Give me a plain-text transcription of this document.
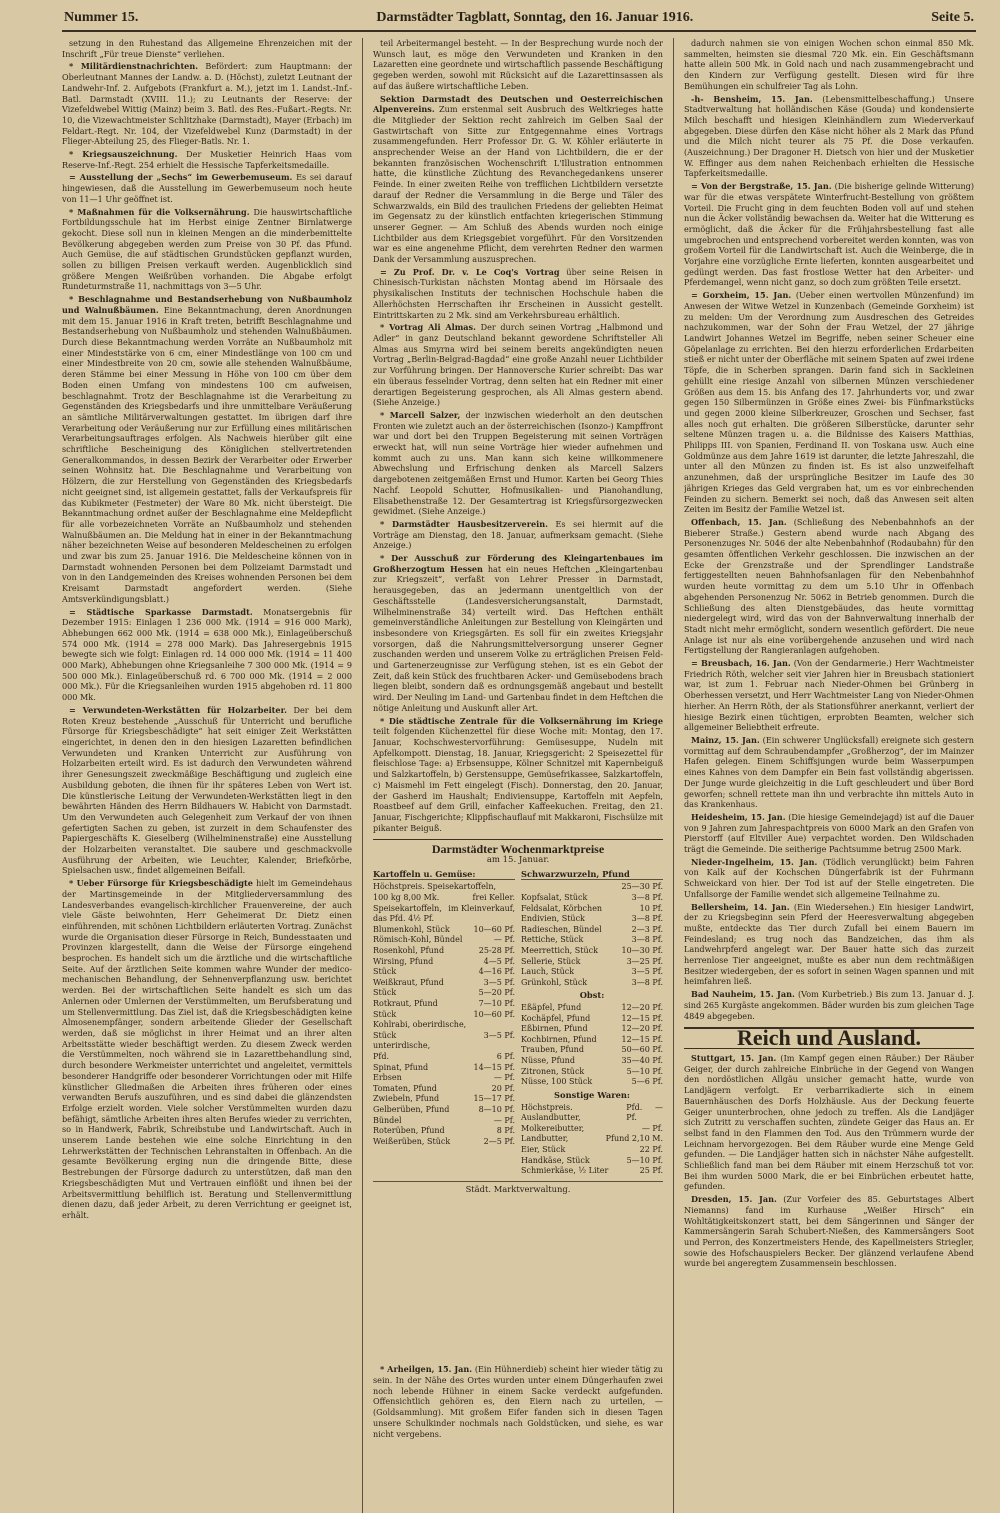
Nummer 15.	Darmstädter Tagblatt, Sonntag, den 16. Januar 1916.	Seite 5.

setzung in den Ruhestand das Allgemeine Ehrenzeichen mit der Inschrift „Für treue Dienste“ verliehen.

* Militärdienstnachrichten. Befördert: zum Hauptmann: der Oberleutnant Mannes der Landw. a. D. (Höchst), zuletzt Leutnant der Landwehr-Inf. 2. Aufgebots (Frankfurt a. M.), jetzt im 1. Landst.-Inf.-Batl. Darmstadt (XVIII. 11.); zu Leutnants der Reserve: der Vizefeldwebel Wittig (Mainz) beim 3. Batl. des Res.-Fußart.-Regts. Nr. 10, die Vizewachtmeister Schlitzhake (Darmstadt), Mayer (Erbach) im Feldart.-Regt. Nr. 104, der Vizefeldwebel Kunz (Darmstadt) in der Flieger-Abteilung 25, des Flieger-Batls. Nr. 1.

* Kriegsauszeichnung. Der Musketier Heinrich Haas vom Reserve-Inf.-Regt. 254 erhielt die Hessische Tapferkeitsmedaille.

= Ausstellung der „Sechs“ im Gewerbemuseum. Es sei darauf hingewiesen, daß die Ausstellung im Gewerbemuseum noch heute von 11—1 Uhr geöffnet ist.

* Maßnahmen für die Volksernährung. Die hauswirtschaftliche Fortbildungsschule hat im Herbst einige Zentner Birnlatwerge gekocht. Diese soll nun in kleinen Mengen an die minderbemittelte Bevölkerung abgegeben werden zum Preise von 30 Pf. das Pfund. Auch Gemüse, die auf städtischen Grundstücken gepflanzt wurden, sollen zu billigen Preisen verkauft werden. Augenblicklich sind größere Mengen Weißrüben vorhanden. Die Abgabe erfolgt Rundeturmstraße 11, nachmittags von 3—5 Uhr.

* Beschlagnahme und Bestandserhebung von Nußbaumholz und Walnußbäumen. Eine Bekanntmachung, deren Anordnungen mit dem 15. Januar 1916 in Kraft treten, betrifft Beschlagnahme und Bestandserhebung von Nußbaumholz und stehenden Walnußbäumen. Durch diese Bekanntmachung werden Vorräte an Nußbaumholz mit einer Mindeststärke von 6 cm, einer Mindestlänge von 100 cm und einer Mindestbreite von 20 cm, sowie alle stehenden Walnußbäume, deren Stämme bei einer Messung in Höhe von 100 cm über dem Boden einen Umfang von mindestens 100 cm aufweisen, beschlagnahmt. Trotz der Beschlagnahme ist die Verarbeitung zu Gegenständen des Kriegsbedarfs und ihre unmittelbare Veräußerung an sämtliche Militärverwaltungen gestattet. Im übrigen darf ihre Verarbeitung oder Veräußerung nur zur Erfüllung eines militärischen Verarbeitungsauftrages erfolgen. Als Nachweis hierüber gilt eine schriftliche Bescheinigung des Königlichen stellvertretenden Generalkommandos, in dessen Bezirk der Verarbeiter oder Erwerber seinen Wohnsitz hat. Die Beschlagnahme und Verarbeitung von Hölzern, die zur Herstellung von Gegenständen des Kriegsbedarfs nicht geeignet sind, ist allgemein gestattet, falls der Verkaufspreis für das Kubikmeter (Festmeter) der Ware 80 Mk. nicht übersteigt. Die Bekanntmachung ordnet außer der Beschlagnahme eine Meldepflicht für alle vorbezeichneten Vorräte an Nußbaumholz und stehenden Walnußbäumen an. Die Meldung hat in einer in der Bekanntmachung näher bezeichneten Weise auf besonderen Meldescheinen zu erfolgen und zwar bis zum 25. Januar 1916. Die Meldescheine können von in Darmstadt wohnenden Personen bei dem Polizeiamt Darmstadt und von in den Landgemeinden des Kreises wohnenden Personen bei dem Kreisamt Darmstadt angefordert werden. (Siehe Amtsverkündigungsblatt.)

= Städtische Sparkasse Darmstadt. Monatsergebnis für Dezember 1915: Einlagen 1 236 000 Mk. (1914 = 916 000 Mark), Abhebungen 662 000 Mk. (1914 = 638 000 Mk.), Einlageüberschuß 574 000 Mk. (1914 = 278 000 Mark). Das Jahresergebnis 1915 bewegte sich wie folgt: Einlagen rd. 14 000 000 Mk. (1914 = 11 400 000 Mark), Abhebungen ohne Kriegsanleihe 7 300 000 Mk. (1914 = 9 500 000 Mk.). Einlageüberschuß rd. 6 700 000 Mk. (1914 = 2 000 000 Mk.). Für die Kriegsanleihen wurden 1915 abgehoben rd. 11 800 000 Mk.

= Verwundeten-Werkstätten für Holzarbeiter. Der bei dem Roten Kreuz bestehende „Ausschuß für Unterricht und berufliche Fürsorge für Kriegsbeschädigte“ hat seit einiger Zeit Werkstätten eingerichtet, in denen den in den hiesigen Lazaretten befindlichen Verwundeten und Kranken Unterricht zur Ausführung von Holzarbeiten erteilt wird. Es ist dadurch den Verwundeten während ihrer Genesungszeit zweckmäßige Beschäftigung und zugleich eine Ausbildung geboten, die ihnen für ihr späteres Leben von Wert ist. Die künstlerische Leitung der Verwundeten-Werkstätten liegt in den bewährten Händen des Herrn Bildhauers W. Habicht von Darmstadt. Um den Verwundeten auch Gelegenheit zum Verkauf der von ihnen gefertigten Sachen zu geben, ist zurzeit in dem Schaufenster des Papiergeschäfts K. Gieselberg (Wilhelminenstraße) eine Ausstellung der Holzarbeiten veranstaltet. Die saubere und geschmackvolle Ausführung der Arbeiten, wie Leuchter, Kalender, Briefkörbe, Spielsachen usw., findet allgemeinen Beifall.

* Ueber Fürsorge für Kriegsbeschädigte hielt im Gemeindehaus der Martinsgemeinde in der Mitgliederversammlung des Landesverbandes evangelisch-kirchlicher Frauenvereine, der auch viele Gäste beiwohnten, Herr Geheimerat Dr. Dietz einen einführenden, mit schönen Lichtbildern erläuterten Vortrag. Zunächst wurde die Organisation dieser Fürsorge in Reich, Bundesstaaten und Provinzen klargestellt, dann die Weise der Fürsorge eingehend besprochen. Es handelt sich um die ärztliche und die wirtschaftliche Seite. Auf der ärztlichen Seite kommen wahre Wunder der medico-mechanischen Behandlung, der Sehnenverpflanzung usw. berichtet werden. Bei der wirtschaftlichen Seite handelt es sich um das Anlernen oder Umlernen der Verstümmelten, um Berufsberatung und um Stellenvermittlung. Das Ziel ist, daß die Kriegsbeschädigten keine Almosenempfänger, sondern arbeitende Glieder der Gesellschaft werden, daß sie möglichst in ihrer Heimat und an ihrer alten Arbeitsstätte wieder beschäftigt werden. Zu diesem Zweck werden die Verstümmelten, noch während sie in Lazarettbehandlung sind, durch besondere Werkmeister unterrichtet und angeleitet, vermittels besonderer Handgriffe oder besonderer Vorrichtungen oder mit Hilfe künstlicher Gliedmaßen die Arbeiten ihres früheren oder eines verwandten Berufs auszuführen, und es sind dabei die glänzendsten Erfolge erzielt worden. Viele solcher Verstümmelten wurden dazu befähigt, sämtliche Arbeiten ihres alten Berufes wieder zu verrichten, so in Handwerk, Fabrik, Schreibstube und Landwirtschaft. Auch in unserem Lande bestehen wie eine solche Einrichtung in den Lehrwerkstätten der Technischen Lehranstalten in Offenbach. An die gesamte Bevölkerung erging nun die dringende Bitte, diese Bestrebungen der Fürsorge dadurch zu unterstützen, daß man den Kriegsbeschädigten Mut und Vertrauen einflößt und ihnen bei der Arbeitsvermittlung behilflich ist. Beratung und Stellenvermittlung dienen dazu, daß jeder Arbeit, zu deren Verrichtung er geeignet ist, erhält.

teil Arbeitermangel besteht. — In der Besprechung wurde noch der Wunsch laut, es möge den Verwundeten und Kranken in den Lazaretten eine geordnete und wirtschaftlich passende Beschäftigung gegeben werden, sowohl mit Rücksicht auf die Lazarettinsassen als auf das äußere wirtschaftliche Leben.

Sektion Darmstadt des Deutschen und Oesterreichischen Alpenvereins. Zum erstenmal seit Ausbruch des Weltkrieges hatte die Mitglieder der Sektion recht zahlreich im Gelben Saal der Gastwirtschaft von Sitte zur Entgegennahme eines Vortrags zusammengefunden. Herr Professor Dr. G. W. Köhler erläuterte in ansprechender Weise an der Hand von Lichtbildern, die er der bekannten französischen Wochenschrift L'Illustration entnommen hatte, die künstliche Züchtung des Revanchegedankens unserer Feinde. In einer zweiten Reihe von trefflichen Lichtbildern versetzte darauf der Redner die Versammlung in die Berge und Täler des Schwarzwalds, ein Bild des traulichen Friedens der geliebten Heimat im Gegensatz zu der künstlich entfachten kriegerischen Stimmung unserer Gegner. — Am Schluß des Abends wurden noch einige Lichtbilder aus dem Kriegsgebiet vorgeführt. Für den Vorsitzenden war es eine angenehme Pflicht, dem verehrten Redner den warmen Dank der Versammlung auszusprechen.

= Zu Prof. Dr. v. Le Coq's Vortrag über seine Reisen in Chinesisch-Turkistan nächsten Montag abend im Hörsaale des physikalischen Instituts der technischen Hochschule haben die Allerhöchsten Herrschaften ihr Erscheinen in Aussicht gestellt. Eintrittskarten zu 2 Mk. sind am Verkehrsbureau erhältlich.

* Vortrag Ali Almas. Der durch seinen Vortrag „Halbmond und Adler“ in ganz Deutschland bekannt gewordene Schriftsteller Ali Almas aus Smyrna wird bei seinem bereits angekündigten neuen Vortrag „Berlin-Belgrad-Bagdad“ eine große Anzahl neuer Lichtbilder zur Vorführung bringen. Der Hannoversche Kurier schreibt: Das war ein überaus fesselnder Vortrag, denn selten hat ein Redner mit einer derartigen Begeisterung gesprochen, als Ali Almas gestern abend. (Siehe Anzeige.)

* Marcell Salzer, der inzwischen wiederholt an den deutschen Fronten wie zuletzt auch an der österreichischen (Isonzo-) Kampffront war und dort bei den Truppen Begeisterung mit seinen Vorträgen erweckt hat, will nun seine Vorträge hier wieder aufnehmen und kommt auch zu uns. Man kann sich keine willkommenere Abwechslung und Erfrischung denken als Marcell Salzers dargebotenen zeitgemäßen Ernst und Humor. Karten bei Georg Thies Nachf. Leopold Schutter, Hofmusikalien- und Pianohandlung, Elisabethenstraße 12. Der Gesamtertrag ist Kriegsfürsorgezwecken gewidmet. (Siehe Anzeige.)

* Darmstädter Hausbesitzerverein. Es sei hiermit auf die Vorträge am Dienstag, den 18. Januar, aufmerksam gemacht. (Siehe Anzeige.)

* Der Ausschuß zur Förderung des Kleingartenbaues im Großherzogtum Hessen hat ein neues Heftchen „Kleingartenbau zur Kriegszeit“, verfaßt von Lehrer Presser in Darmstadt, herausgegeben, das an jedermann unentgeltlich von der Geschäftsstelle (Landesversicherungsanstalt, Darmstadt, Wilhelminenstraße 34) verteilt wird. Das Heftchen enthält gemeinverständliche Anleitungen zur Bestellung von Kleingärten und insbesondere von Kriegsgärten. Es soll für ein zweites Kriegsjahr vorsorgen, daß die Nahrungsmittelversorgung unserer Gegner zuschanden werden und unserem Volke zu erträglichen Preisen Feld- und Gartenerzeugnisse zur Verfügung stehen, ist es ein Gebot der Zeit, daß kein Stück des fruchtbaren Acker- und Gemüsebodens brach liegen bleibt, sondern daß es ordnungsgemäß angebaut und bestellt wird. Der Neuling im Land- und Gartenbau findet in dem Heftchen die nötige Anleitung und Auskunft aller Art.

* Die städtische Zentrale für die Volksernährung im Kriege teilt folgenden Küchenzettel für diese Woche mit: Montag, den 17. Januar, Kochschwestervorführung: Gemüsesuppe, Nudeln mit Apfelkompott. Dienstag, 18. Januar, Kriegsgericht: 2 Speisezettel für fleischlose Tage: a) Erbsensuppe, Kölner Schnitzel mit Kapernbeiguß und Salzkartoffeln, b) Gerstensuppe, Gemüsefrikassee, Salzkartoffeln, c) Maismehl im Fett eingelegt (Fisch). Donnerstag, den 20. Januar, der Gasherd im Haushalt; Endiviensuppe, Kartoffeln mit Aepfeln, Roastbeef auf dem Grill, einfacher Kaffeekuchen. Freitag, den 21. Januar, Fischgerichte; Klippfischauflauf mit Makkaroni, Fischsülze mit pikanter Beiguß.

Darmstädter Wochenmarktpreise
am 15. Januar.
Kartoffeln u. Gemüse:
Höchstpreis. Speisekartoffeln,
100 kg 8,00 Mk.	frei Keller.
Speisekartoffeln, im Kleinverkauf,
das Pfd. 4½ Pf.
Blumenkohl, Stück	10—60 Pf.
Römisch-Kohl, Bündel	— Pf.
Rosenkohl, Pfund	25-28 Pf.
Wirsing, Pfund	4—5 Pf.
Stück	4—16 Pf.
Weißkraut, Pfund	3—5 Pf.
Stück	5—20 Pf.
Rotkraut, Pfund	7—10 Pf.
Stück	10—60 Pf.
Kohlrabi, oberirdische,
Stück	3—5 Pf.
unterirdische,
Pfd.	6 Pf.
Spinat, Pfund	14—15 Pf.
Erbsen	— Pf.
Tomaten, Pfund	20 Pf.
Zwiebeln, Pfund	15—17 Pf.
Gelberüben, Pfund	8—10 Pf.
Bündel	— Pf.
Roterüben, Pfund	8 Pf.
Weißerüben, Stück	2—5 Pf.
Schwarzwurzeln, Pfund
25—30 Pf.
Kopfsalat, Stück	3—8 Pf.
Feldsalat, Körbchen	10 Pf.
Endivien, Stück	3—8 Pf.
Radieschen, Bündel	2—3 Pf.
Rettiche, Stück	3—8 Pf.
Meerrettich, Stück	10—30 Pf.
Sellerie, Stück	3—25 Pf.
Lauch, Stück	3—5 Pf.
Grünkohl, Stück	3—8 Pf.
Obst:
Eßäpfel, Pfund	12—20 Pf.
Kochäpfel, Pfund	12—15 Pf.
Eßbirnen, Pfund	12—20 Pf.
Kochbirnen, Pfund	12—15 Pf.
Trauben, Pfund	50—60 Pf.
Nüsse, Pfund	35—40 Pf.
Zitronen, Stück	5—10 Pf.
Nüsse, 100 Stück	5—6 Pf.
Sonstige Waren:
Höchstpreis. Auslandbutter,
Pfd. — Pf.
Molkereibutter,	— Pf.
Landbutter,	Pfund 2,10 M.
Eier, Stück	22 Pf.
Handkäse, Stück	5—10 Pf.
Schmierkäse, ½ Liter	25 Pf.
Städt. Marktverwaltung.

* Arheilgen, 15. Jan. (Ein Hühnerdieb) scheint hier wieder tätig zu sein. In der Nähe des Ortes wurden unter einem Düngerhaufen zwei noch lebende Hühner in einem Sacke verdeckt aufgefunden. Offensichtlich gehören es, den Eiern nach zu urteilen, — (Goldsammlung). Mit großem Eifer fanden sich in diesen Tagen unsere Schulkinder nochmals nach Goldstücken, und siehe, es war nicht vergebens.

dadurch nahmen sie von einigen Wochen schon einmal 850 Mk. sammelten, heimsten sie diesmal 720 Mk. ein. Ein Geschäftsmann hatte allein 500 Mk. in Gold nach und nach zusammengebracht und den Kindern zur Verfügung gestellt. Diesen wird für ihre Bemühungen ein schulfreier Tag als Lohn.

-h- Bensheim, 15. Jan. (Lebensmittelbeschaffung.) Unsere Stadtverwaltung hat holländischen Käse (Gouda) und kondensierte Milch beschafft und hiesigen Kleinhändlern zum Wiederverkauf abgegeben. Diese dürfen den Käse nicht höher als 2 Mark das Pfund und die Milch nicht teurer als 75 Pf. die Dose verkaufen. (Auszeichnung.) Der Dragoner H. Dietsch von hier und der Musketier W. Effinger aus dem nahen Reichenbach erhielten die Hessische Tapferkeitsmedaille.

= Von der Bergstraße, 15. Jan. (Die bisherige gelinde Witterung) war für die etwas verspätete Winterfrucht-Bestellung von größtem Vorteil. Die Frucht ging in dem feuchten Boden voll auf und stehen nun die Äcker vollständig bewachsen da. Weiter hat die Witterung es ermöglicht, daß die Äcker für die Frühjahrsbestellung fast alle umgebrochen und entsprechend vorbereitet werden konnten, was von großem Vorteil für die Landwirtschaft ist. Auch die Weinberge, die in Vorjahre eine vorzügliche Ernte lieferten, konnten ausgearbeitet und gedüngt werden. Das fast frostlose Wetter hat den Arbeiter- und Pferdemangel, wenn nicht ganz, so doch zum größten Teile ersetzt.

= Gorxheim, 15. Jan. (Ueber einen wertvollen Münzenfund) im Anwesen der Witwe Wetzel in Kunzenbach (Gemeinde Gorxheim) ist zu melden: Um der Verordnung zum Ausdreschen des Getreides nachzukommen, war der Sohn der Frau Wetzel, der 27 jährige Landwirt Johannes Wetzel im Begriffe, neben seiner Scheuer eine Göpelanlage zu errichten. Bei den hierzu erforderlichen Erdarbeiten stieß er nicht unter der Oberfläche mit seinem Spaten auf zwei irdene Töpfe, die in Scherben sprangen. Darin fand sich in Sackleinen gehüllt eine riesige Anzahl von silbernen Münzen verschiedener Größen aus dem 15. bis Anfang des 17. Jahrhunderts vor, und zwar gegen 150 Silbermünzen in Größe eines Zwei- bis Fünfmarkstücks und gegen 2000 kleine Silberkreuzer, Groschen und Sechser, fast alles noch gut erhalten. Die größeren Silberstücke, darunter sehr seltene Münzen tragen u. a. die Bildnisse des Kaisers Matthias, Philipps III. von Spanien, Ferdinand II. von Toskana usw. Auch eine Goldmünze aus dem Jahre 1619 ist darunter, die letzte Jahreszahl, die unter all den Münzen zu finden ist. Es ist also unzweifelhaft anzunehmen, daß der ursprüngliche Besitzer im Laufe des 30 jährigen Krieges das Geld vergraben hat, um es vor einbrechenden Feinden zu sichern. Bemerkt sei noch, daß das Anwesen seit alten Zeiten im Besitz der Familie Wetzel ist.

Offenbach, 15. Jan. (Schließung des Nebenbahnhofs an der Bieberer Straße.) Gestern abend wurde nach Abgang des Personenzuges Nr. 5046 der alte Nebenbahnhof (Rodaubahn) für den gesamten öffentlichen Verkehr geschlossen. Die inzwischen an der Ecke der Grenzstraße und der Sprendlinger Landstraße fertiggestellten neuen Bahnhofsanlagen für den Nebenbahnhof wurden heute vormittag zu dem um 5.10 Uhr in Offenbach abgehenden Personenzug Nr. 5062 in Betrieb genommen. Durch die Schließung des alten Dienstgebäudes, das heute vormittag niedergelegt wird, wird das von der Bahnverwaltung innerhalb der Stadt nicht mehr ermöglicht, sondern wesentlich gefördert. Die neue Anlage ist nur als eine vorübergehende anzusehen und wird nach Fertigstellung der Rangieranlagen aufgehoben.

= Breusbach, 16. Jan. (Von der Gendarmerie.) Herr Wachtmeister Friedrich Röth, welcher seit vier Jahren hier in Breusbach stationiert war, ist zum 1. Februar nach Nieder-Ohmen bei Grünberg in Oberhessen versetzt, und Herr Wachtmeister Lang von Nieder-Ohmen hierher. An Herrn Röth, der als Stationsführer anerkannt, verliert der hiesige Bezirk einen tüchtigen, erprobten Beamten, welcher sich allgemeiner Beliebtheit erfreute.

Mainz, 15. Jan. (Ein schwerer Unglücksfall) ereignete sich gestern vormittag auf dem Schraubendampfer „Großherzog“, der im Mainzer Hafen gelegen. Einem Schiffsjungen wurde beim Wasserpumpen eines Kahnes von dem Dampfer ein Bein fast vollständig abgerissen. Der Junge wurde gleichzeitig in die Luft geschleudert und über Bord geworfen; schnell rettete man ihn und verbrachte ihn mittels Auto in das Krankenhaus.

Heidesheim, 15. Jan. (Die hiesige Gemeindejagd) ist auf die Dauer von 9 Jahren zum Jahrespachtpreis von 6000 Mark an den Grafen von Pierstorff (auf Eltviller Aue) verpachtet worden. Den Wildschaden trägt die Gemeinde. Die seitherige Pachtsumme betrug 2500 Mark.

Nieder-Ingelheim, 15. Jan. (Tödlich verunglückt) beim Fahren von Kalk auf der Kochschen Düngerfabrik ist der Fuhrmann Schweickard von hier. Der Tod ist auf der Stelle eingetreten. Die Unfallsorge der Familie wendet sich allgemeine Teilnahme zu.

Bellersheim, 14. Jan. (Ein Wiedersehen.) Ein hiesiger Landwirt, der zu Kriegsbeginn sein Pferd der Heeresverwaltung abgegeben mußte, entdeckte das Tier durch Zufall bei einem Bauern im Feindesland; es trug noch das Bandzeichen, das ihm als Landwehrpferd angelegt war. Der Bauer hatte sich das zurzeit herrenlose Tier angeeignet, mußte es aber nun dem rechtmäßigen Besitzer wiedergeben, der es sofort in seinen Wagen spannen und mit heimfahren ließ.

Bad Nauheim, 15. Jan. (Vom Kurbetrieb.) Bis zum 13. Januar d. J. sind 265 Kurgäste angekommen. Bäder wurden bis zum gleichen Tage 4849 abgegeben.

Reich und Ausland.

Stuttgart, 15. Jan. (Im Kampf gegen einen Räuber.) Der Räuber Geiger, der durch zahlreiche Einbrüche in der Gegend von Wangen den nordöstlichen Allgäu unsicher gemacht hatte, wurde von Landjägern verfolgt. Er verbarrikadierte sich in einem Bauernhäuschen des Dorfs Holzhäusle. Aus der Deckung feuerte Geiger ununterbrochen, ohne jedoch zu treffen. Als die Landjäger sich Zutritt zu verschaffen suchten, zündete Geiger das Haus an. Er selbst fand in den Flammen den Tod. Aus den Trümmern wurde der Leichnam hervorgezogen. Bei dem Räuber wurde eine Menge Geld gefunden. — Die Landjäger hatten sich in nächster Nähe aufgestellt. Schließlich fand man bei dem Räuber mit einem Herzschuß tot vor. Bei ihm wurden 5000 Mark, die er bei Einbrüchen erbeutet hatte, gefunden.

Dresden, 15. Jan. (Zur Vorfeier des 85. Geburtstages Albert Niemanns) fand im Kurhause „Weißer Hirsch“ ein Wohltätigkeitskonzert statt, bei dem Sängerinnen und Sänger der Kammersängerin Sarah Schubert-Nießen, des Kammersängers Soot und Perron, des Konzertmeisters Hende, des Kapellmeisters Striegler, sowie des Hofschauspielers Becker. Der glänzend verlaufene Abend wurde bei angeregtem Zusammensein beschlossen.
